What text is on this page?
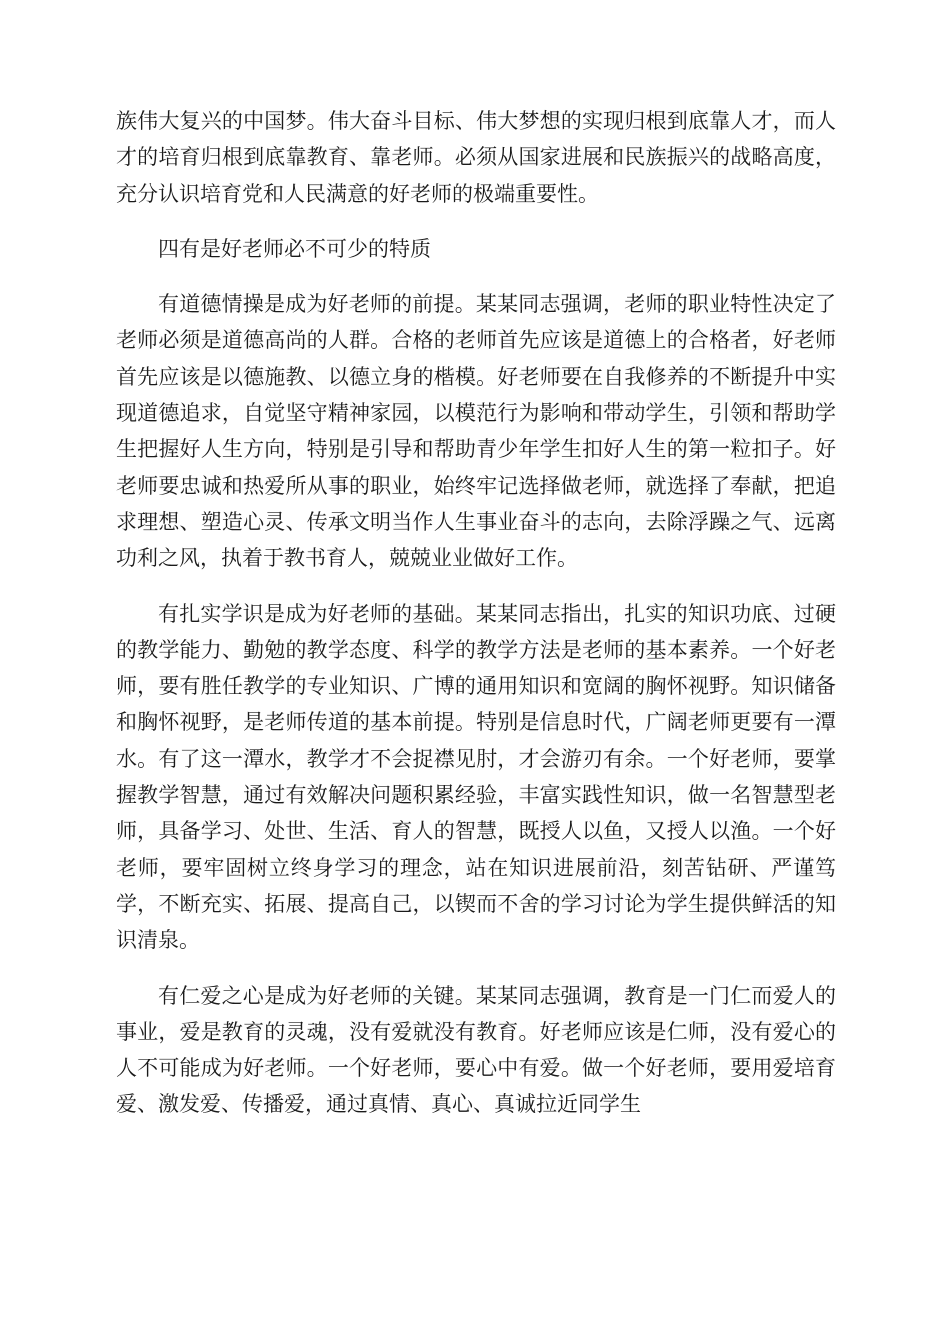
族伟大复兴的中国梦。伟大奋斗目标、伟大梦想的实现归根到底靠人才，而人才的培育归根到底靠教育、靠老师。必须从国家进展和民族振兴的战略高度，充分认识培育党和人民满意的好老师的极端重要性。

四有是好老师必不可少的特质

有道德情操是成为好老师的前提。某某同志强调，老师的职业特性决定了老师必须是道德高尚的人群。合格的老师首先应该是道德上的合格者，好老师首先应该是以德施教、以德立身的楷模。好老师要在自我修养的不断提升中实现道德追求，自觉坚守精神家园，以模范行为影响和带动学生，引领和帮助学生把握好人生方向，特别是引导和帮助青少年学生扣好人生的第一粒扣子。好老师要忠诚和热爱所从事的职业，始终牢记选择做老师，就选择了奉献，把追求理想、塑造心灵、传承文明当作人生事业奋斗的志向，去除浮躁之气、远离功利之风，执着于教书育人，兢兢业业做好工作。

有扎实学识是成为好老师的基础。某某同志指出，扎实的知识功底、过硬的教学能力、勤勉的教学态度、科学的教学方法是老师的基本素养。一个好老师，要有胜任教学的专业知识、广博的通用知识和宽阔的胸怀视野。知识储备和胸怀视野，是老师传道的基本前提。特别是信息时代，广阔老师更要有一潭水。有了这一潭水，教学才不会捉襟见肘，才会游刃有余。一个好老师，要掌握教学智慧，通过有效解决问题积累经验，丰富实践性知识，做一名智慧型老师，具备学习、处世、生活、育人的智慧，既授人以鱼，又授人以渔。一个好老师，要牢固树立终身学习的理念，站在知识进展前沿，刻苦钻研、严谨笃学，不断充实、拓展、提高自己，以锲而不舍的学习讨论为学生提供鲜活的知识清泉。

有仁爱之心是成为好老师的关键。某某同志强调，教育是一门仁而爱人的事业，爱是教育的灵魂，没有爱就没有教育。好老师应该是仁师，没有爱心的人不可能成为好老师。一个好老师，要心中有爱。做一个好老师，要用爱培育爱、激发爱、传播爱，通过真情、真心、真诚拉近同学生
